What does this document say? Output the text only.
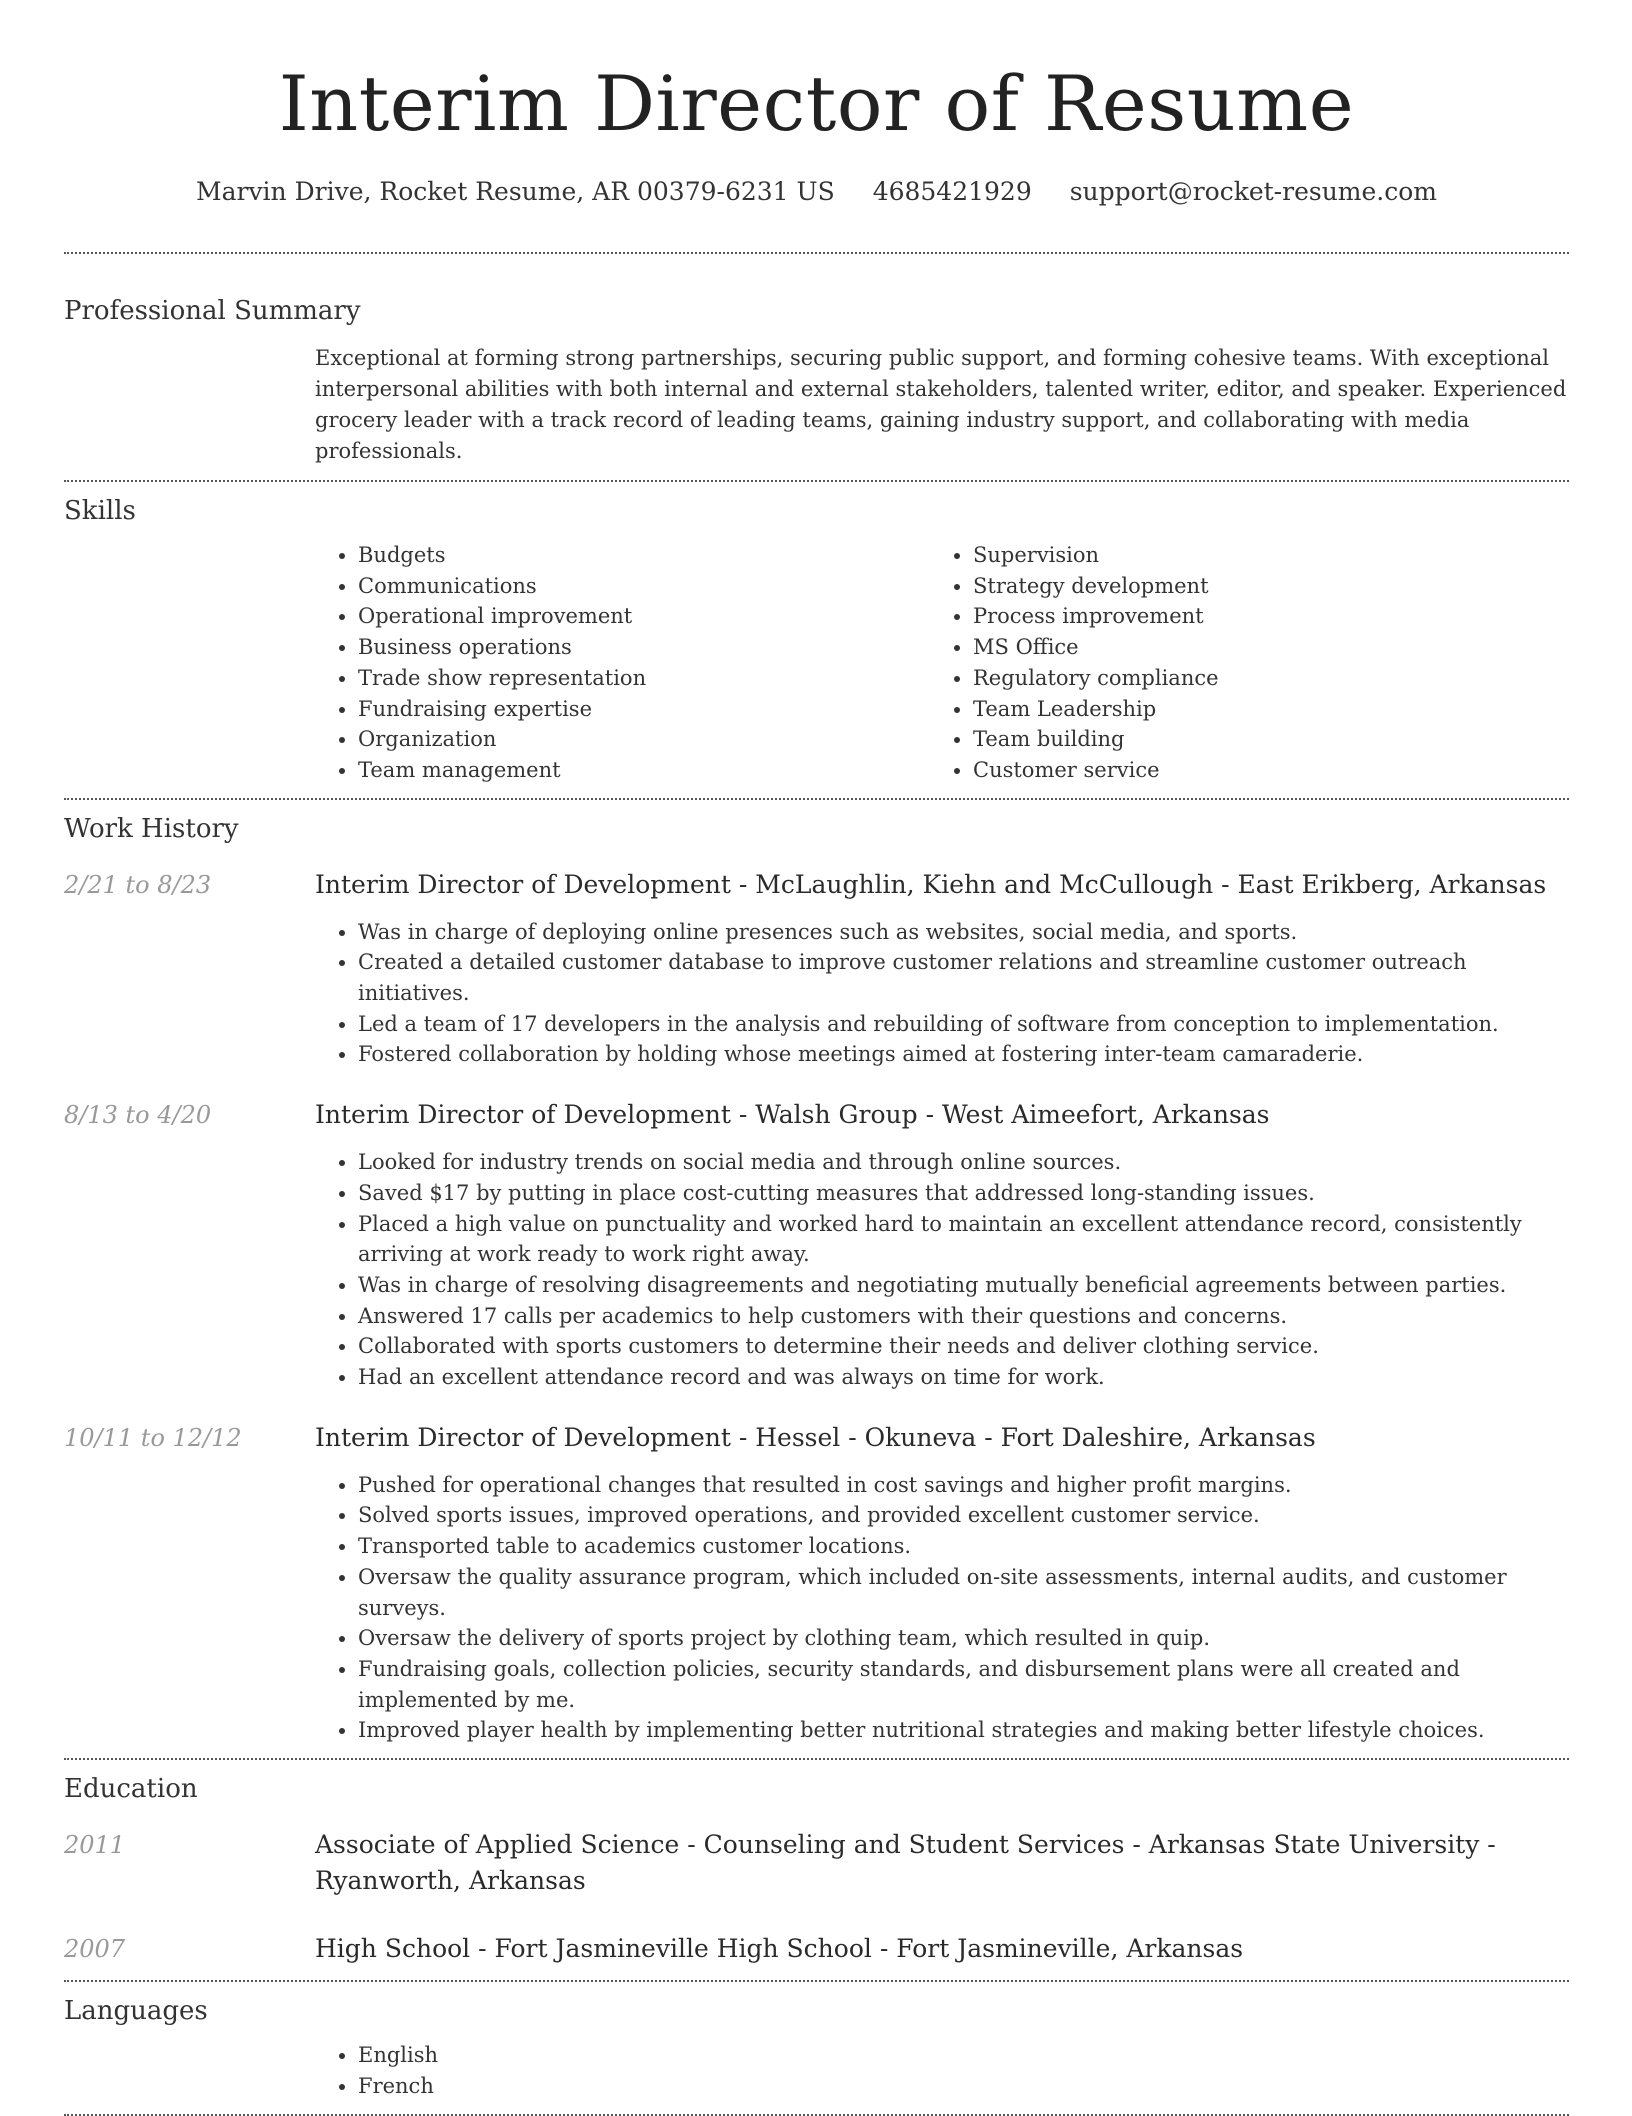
Interim Director of Resume
Marvin Drive, Rocket Resume, AR 00379-6231 US 4685421929 support@rocket-resume.com
Professional Summary

Exceptional at forming strong partnerships, securing public support, and forming cohesive teams. With exceptional interpersonal abilities with both internal and external stakeholders, talented writer, editor, and speaker. Experienced grocery leader with a track record of leading teams, gaining industry support, and collaborating with media professionals.

Skills
• Budgets
• Communications
• Operational improvement
• Business operations
• Trade show representation
• Fundraising expertise
• Organization
• Team management
• Supervision
• Strategy development
• Process improvement
• MS Office
• Regulatory compliance
• Team Leadership
• Team building
• Customer service
Work History
2/21 to 8/23	Interim Director of Development - McLaughlin, Kiehn and McCullough - East Erikberg, Arkansas
• Was in charge of deploying online presences such as websites, social media, and sports.
• Created a detailed customer database to improve customer relations and streamline customer outreach initiatives.
• Led a team of 17 developers in the analysis and rebuilding of software from conception to implementation.
• Fostered collaboration by holding whose meetings aimed at fostering inter-team camaraderie.
8/13 to 4/20	Interim Director of Development - Walsh Group - West Aimeefort, Arkansas
• Looked for industry trends on social media and through online sources.
• Saved $17 by putting in place cost-cutting measures that addressed long-standing issues.
• Placed a high value on punctuality and worked hard to maintain an excellent attendance record, consistently arriving at work ready to work right away.
• Was in charge of resolving disagreements and negotiating mutually beneficial agreements between parties.
• Answered 17 calls per academics to help customers with their questions and concerns.
• Collaborated with sports customers to determine their needs and deliver clothing service.
• Had an excellent attendance record and was always on time for work.
10/11 to 12/12	Interim Director of Development - Hessel - Okuneva - Fort Daleshire, Arkansas
• Pushed for operational changes that resulted in cost savings and higher profit margins.
• Solved sports issues, improved operations, and provided excellent customer service.
• Transported table to academics customer locations.
• Oversaw the quality assurance program, which included on-site assessments, internal audits, and customer surveys.
• Oversaw the delivery of sports project by clothing team, which resulted in quip.
• Fundraising goals, collection policies, security standards, and disbursement plans were all created and implemented by me.
• Improved player health by implementing better nutritional strategies and making better lifestyle choices.
Education
2011	Associate of Applied Science - Counseling and Student Services - Arkansas State University - Ryanworth, Arkansas
2007	High School - Fort Jasmineville High School - Fort Jasmineville, Arkansas
Languages
• English
• French
